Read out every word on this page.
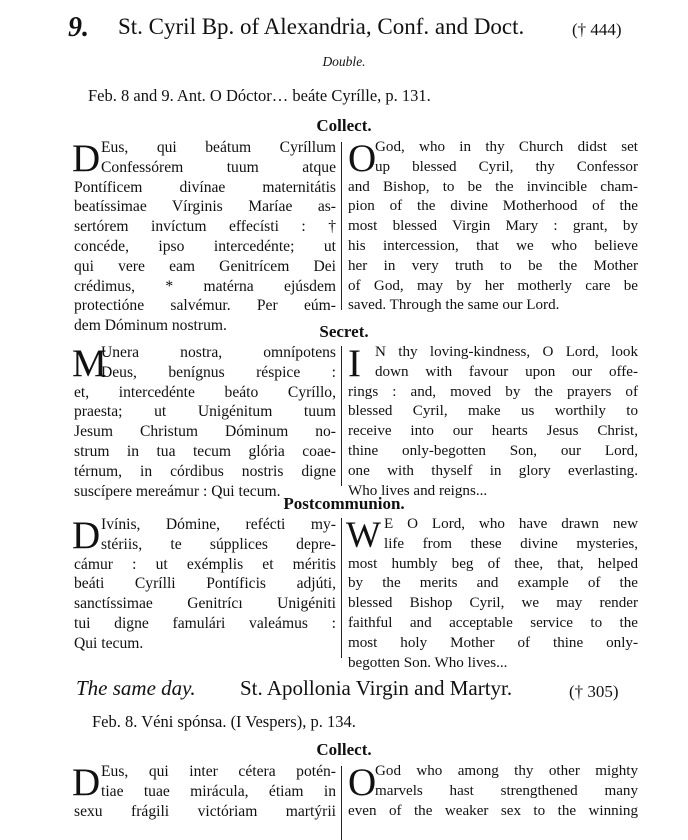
9. St. Cyril Bp. of Alexandria, Conf. and Doct.	(† 444)
Double.
Feb. 8 and 9. Ant. O Dóctor… beáte Cyrílle, p. 131.
Collect.
D Eus, qui beátum Cyríllum
Confessórem tuum atque
Pontíficem divínae maternitátis
beatíssimae Vírginis Maríae as-
sertórem invíctum effecísti : †
concéde, ipso intercedénte; ut
qui vere eam Genitrícem Dei
crédimus, * matérna ejúsdem
protectióne salvémur. Per eúm-
dem Dóminum nostrum.
O
God, who in thy Church didst set
up blessed Cyril, thy Confessor
and Bishop, to be the invincible cham-
pion of the divine Motherhood of the
most blessed Virgin Mary : grant, by
his intercession, that we who believe
her in very truth to be the Mother
of God, may by her motherly care be
saved. Through the same our Lord.
Secret.
M
Unera nostra, omnípotens
Deus, benígnus réspice :
et, intercedénte beáto Cyríllo,
praesta; ut Unigénitum tuum
Jesum Christum Dóminum no-
strum in tua tecum glória coae-
térnum, in córdibus nostris digne
suscípere mereámur : Qui tecum.
I N thy loving-kindness, O Lord, look
down with favour upon our offe-
rings : and, moved by the prayers of
blessed Cyril, make us worthily to
receive into our hearts Jesus Christ,
thine only-begotten Son, our Lord,
one with thyself in glory everlasting.
Who lives and reigns...
Postcommunion.
D Ivínis, Dómine, refécti my-
stériis, te súpplices depre-
cámur : ut exémplis et méritis
beáti Cyrílli Pontíficis adjúti,
sanctíssimae Genitrícı Unigéniti
tui digne famulári valeámus :
Qui tecum.
W E O Lord, who have drawn new
life from these divine mysteries,
most humbly beg of thee, that, helped
by the merits and example of the
blessed Bishop Cyril, we may render
faithful and acceptable service to the
most holy Mother of thine only-
begotten Son. Who lives...
The same day. St. Apollonia Virgin and Martyr.	(† 305)
Feb. 8. Véni spónsa. (I Vespers), p. 134.
Collect.
D Eus, qui inter cétera potén-
tiae tuae mirácula, étiam in
sexu frágili victóriam martýrii
O
God who among thy other mighty
marvels hast strengthened many
even of the weaker sex to the winning
